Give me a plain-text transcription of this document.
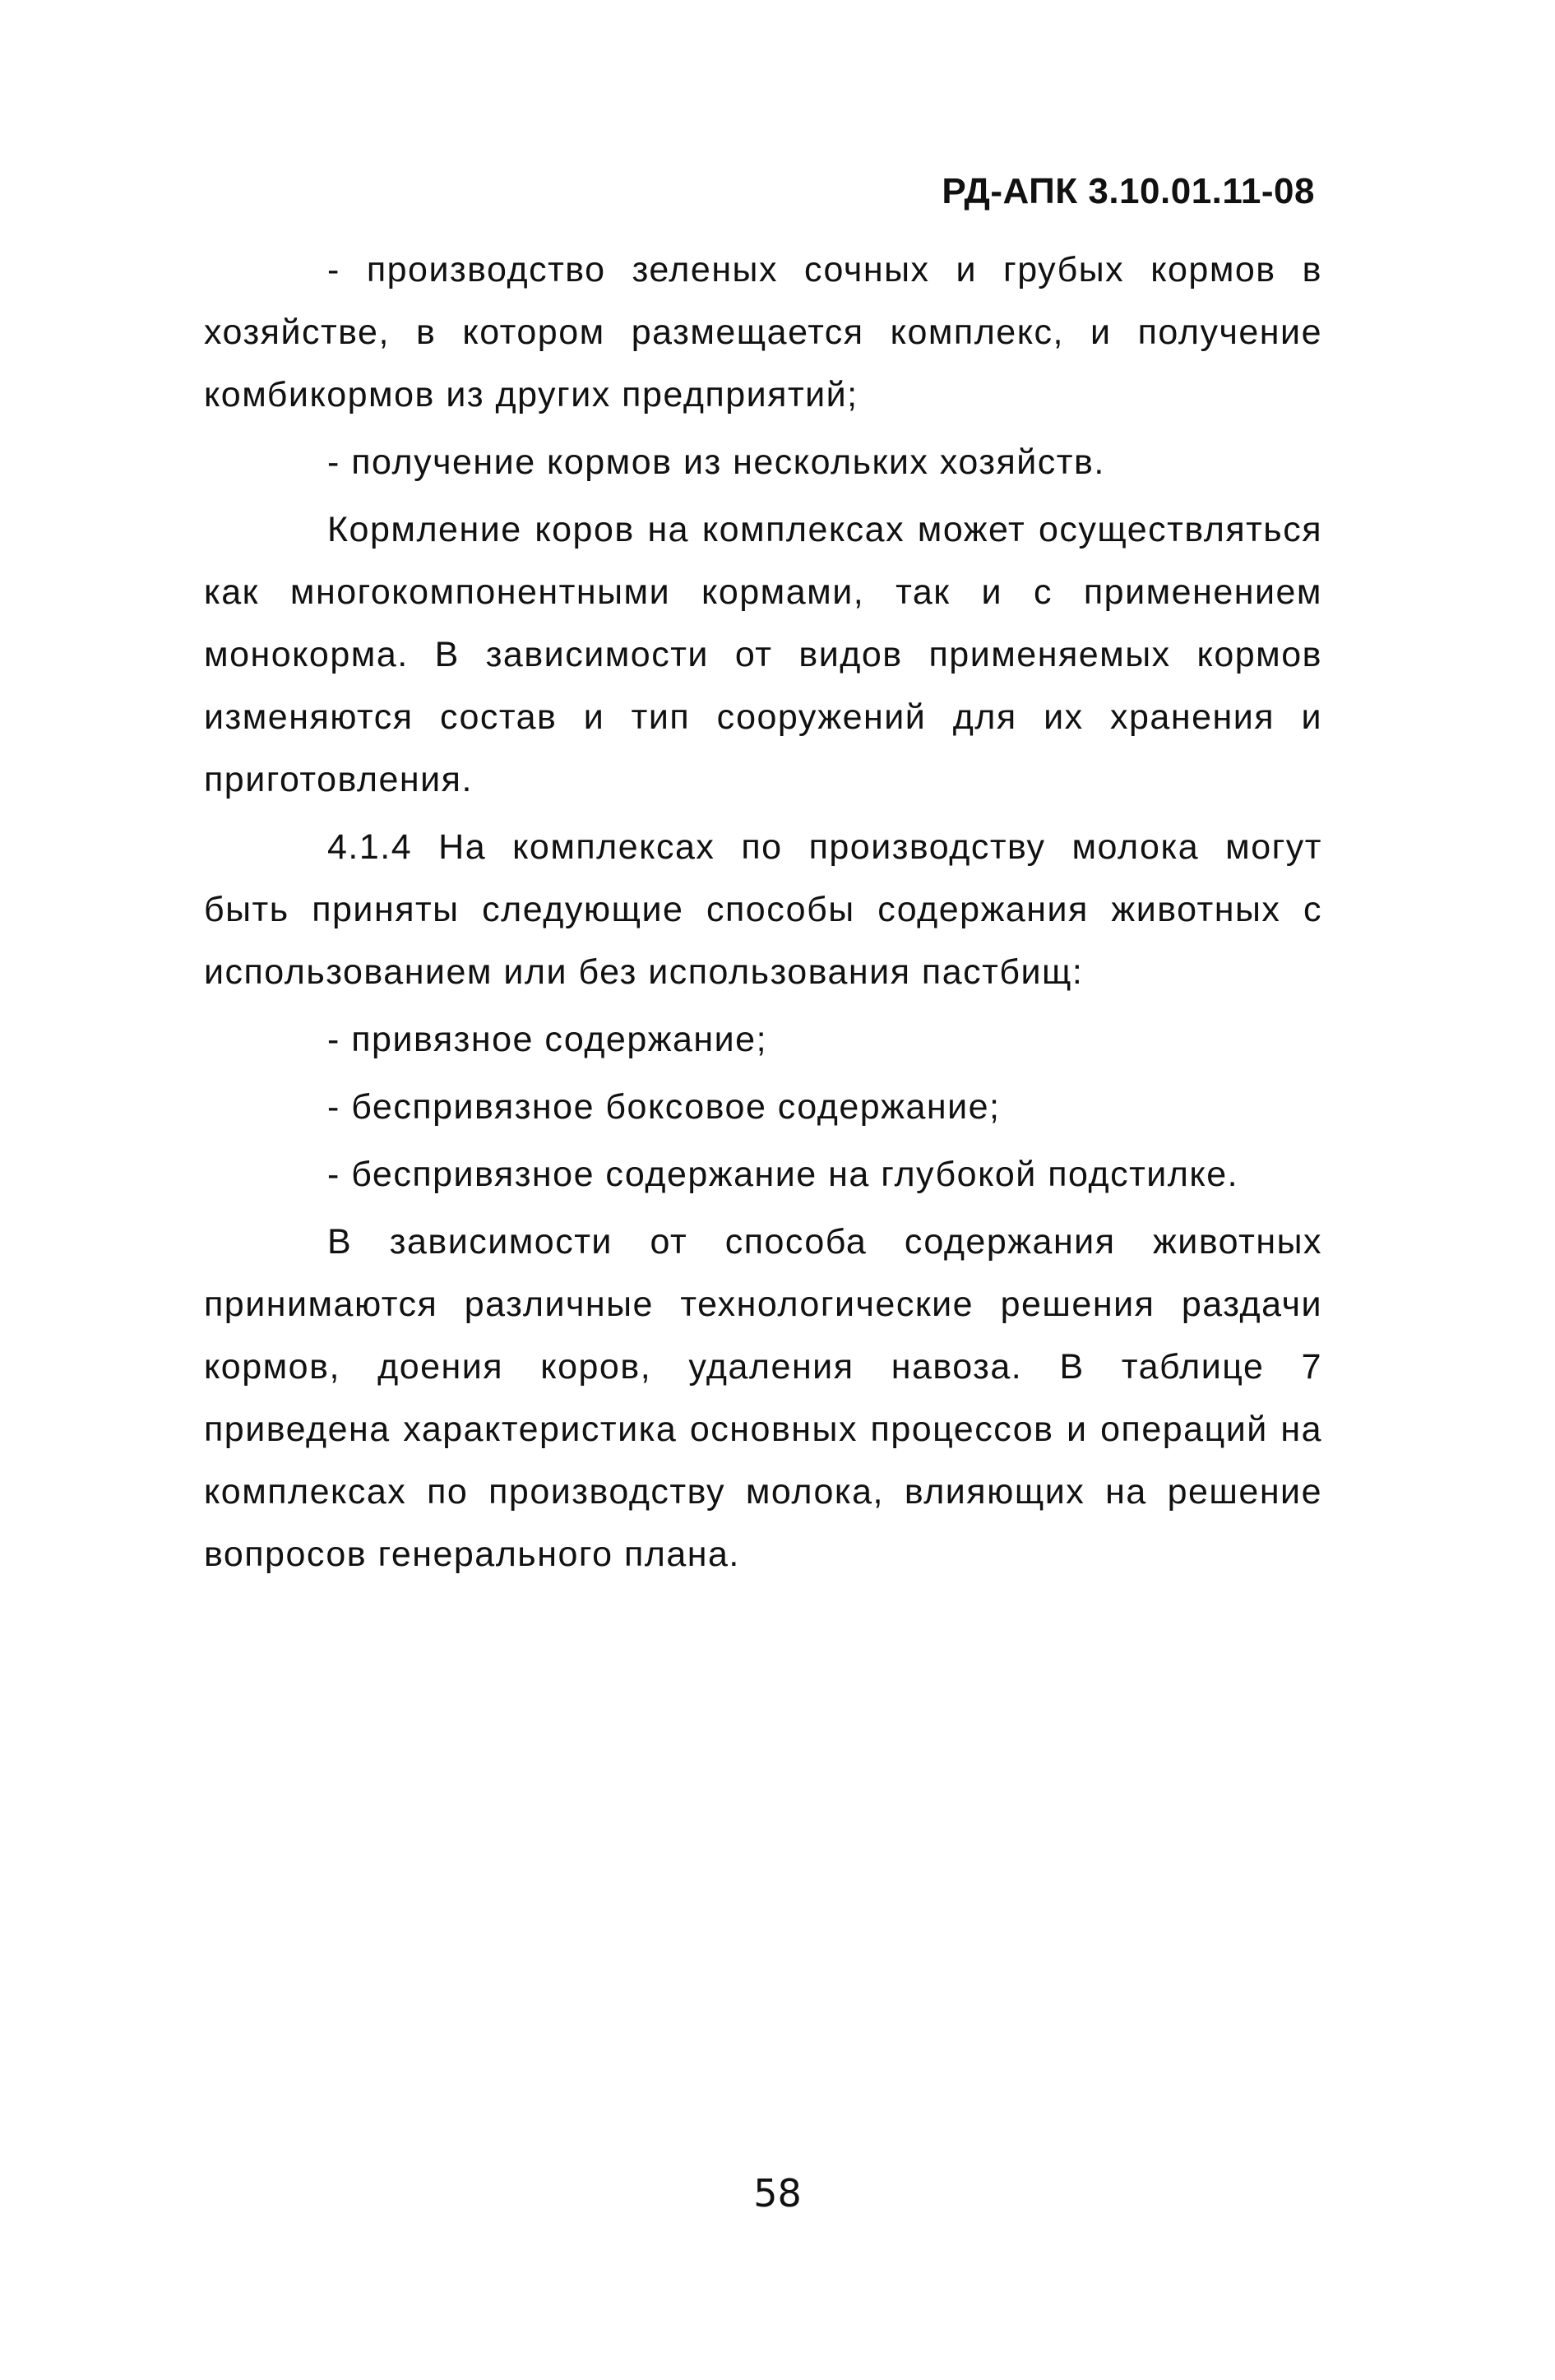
РД-АПК 3.10.01.11-08

- производство зеленых сочных и грубых кормов в хозяйстве, в котором размещается комплекс, и получение комбикормов из других предприятий;

- получение кормов из нескольких хозяйств.

Кормление коров на комплексах может осуществляться как многокомпонентными кормами, так и с применением монокорма. В зависимости от видов применяемых кормов изменяются состав и тип сооружений для их хранения и приготовления.

4.1.4 На комплексах по производству молока могут быть приняты следующие способы содержания животных с использованием или без использования пастбищ:

- привязное содержание;

- беспривязное боксовое содержание;

- беспривязное содержание на глубокой подстилке.

В зависимости от способа содержания животных принимаются различные технологические решения раздачи кормов, доения коров, удаления навоза. В таблице 7 приведена характеристика основных процессов и операций на комплексах по производству молока, влияющих на решение вопросов генерального плана.

58
